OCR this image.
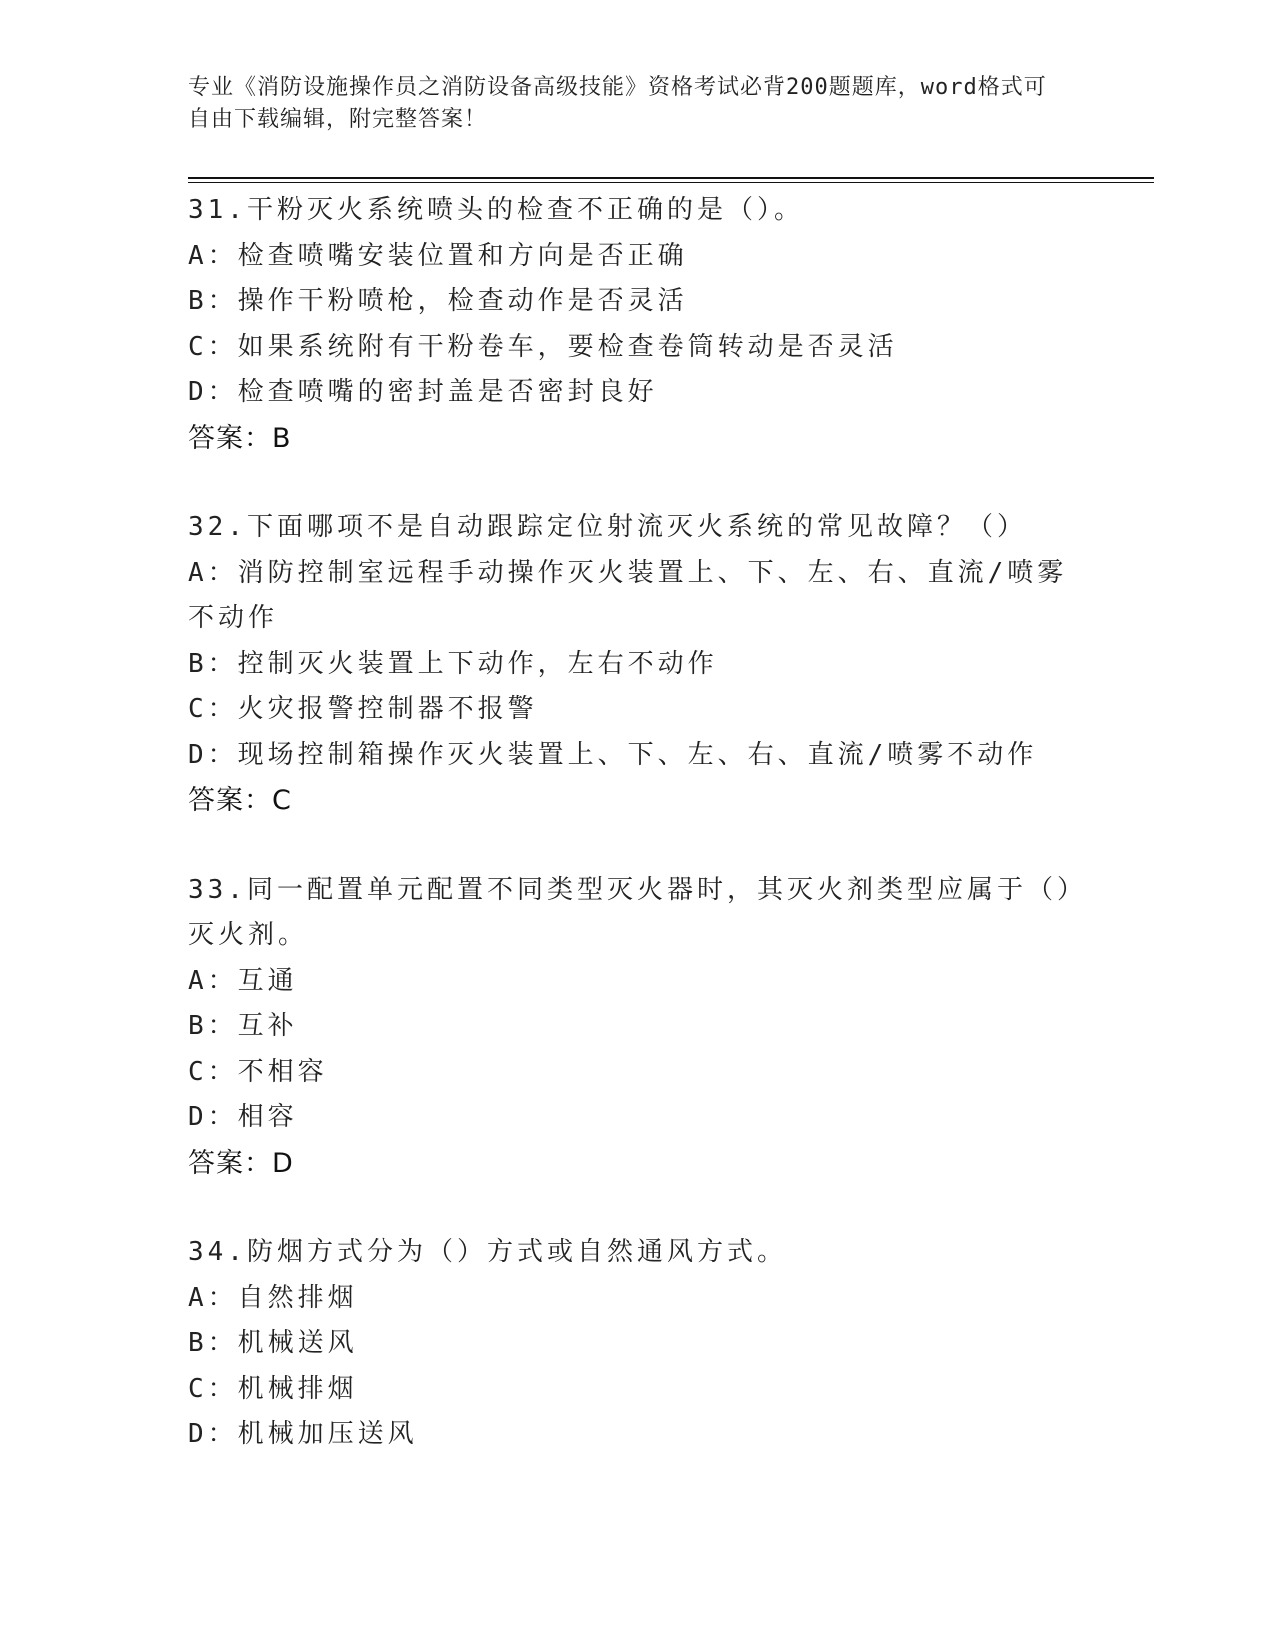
专业《消防设施操作员之消防设备高级技能》资格考试必背200题题库，word格式可自由下载编辑，附完整答案！
31.干粉灭火系统喷头的检查不正确的是（）。
A：检查喷嘴安装位置和方向是否正确
B：操作干粉喷枪，检查动作是否灵活
C：如果系统附有干粉卷车，要检查卷筒转动是否灵活
D：检查喷嘴的密封盖是否密封良好
答案：B
32.下面哪项不是自动跟踪定位射流灭火系统的常见故障？（）
A：消防控制室远程手动操作灭火装置上、下、左、右、直流/喷雾不动作
B：控制灭火装置上下动作，左右不动作
C：火灾报警控制器不报警
D：现场控制箱操作灭火装置上、下、左、右、直流/喷雾不动作
答案：C
33.同一配置单元配置不同类型灭火器时，其灭火剂类型应属于（）灭火剂。
A：互通
B：互补
C：不相容
D：相容
答案：D
34.防烟方式分为（）方式或自然通风方式。
A：自然排烟
B：机械送风
C：机械排烟
D：机械加压送风
